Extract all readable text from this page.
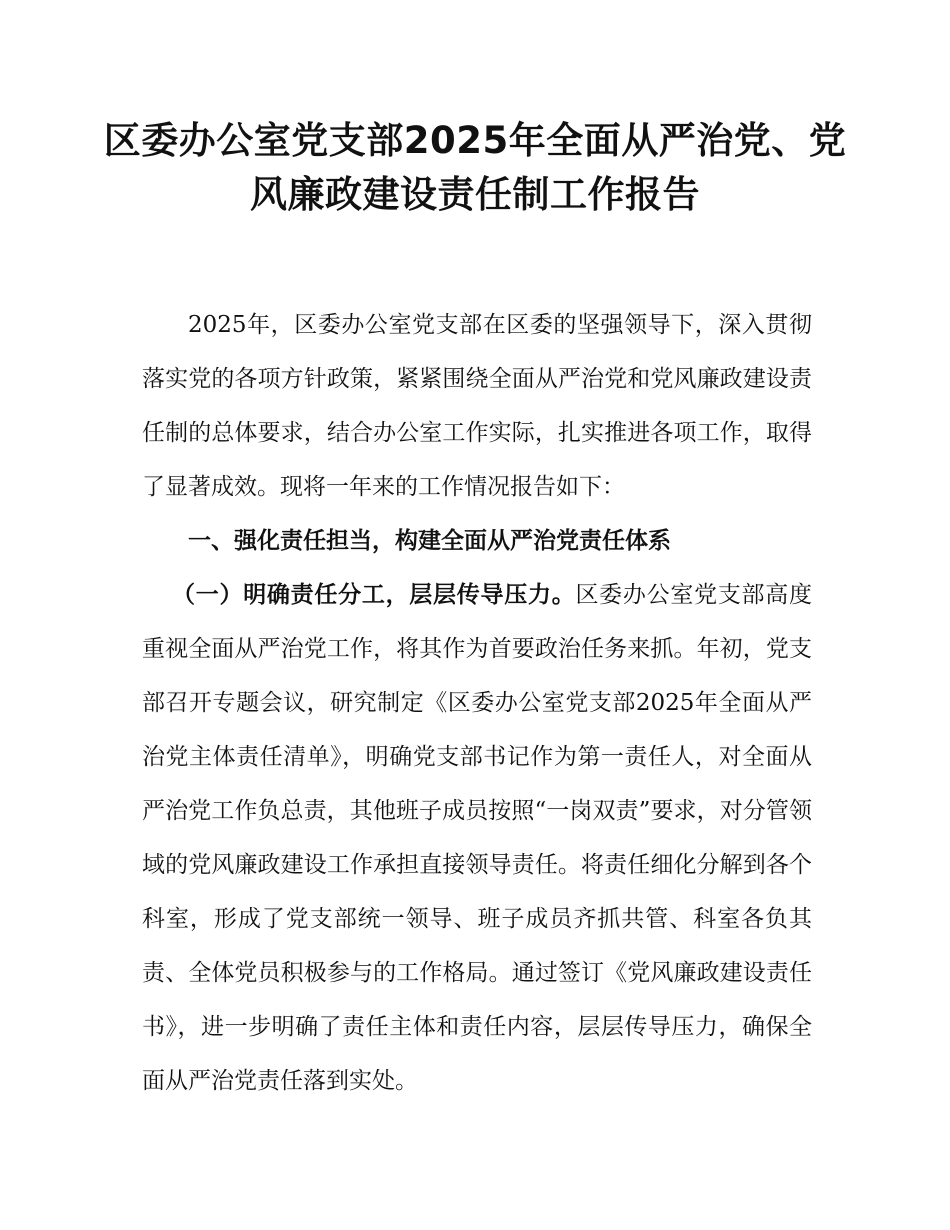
区委办公室党支部2025年全面从严治党、党
风廉政建设责任制工作报告

2025年，区委办公室党支部在区委的坚强领导下，深入贯彻落实党的各项方针政策，紧紧围绕全面从严治党和党风廉政建设责任制的总体要求，结合办公室工作实际，扎实推进各项工作，取得了显著成效。现将一年来的工作情况报告如下：

一、强化责任担当，构建全面从严治党责任体系

（一）明确责任分工，层层传导压力。区委办公室党支部高度重视全面从严治党工作，将其作为首要政治任务来抓。年初，党支部召开专题会议，研究制定《区委办公室党支部2025年全面从严治党主体责任清单》，明确党支部书记作为第一责任人，对全面从严治党工作负总责，其他班子成员按照“一岗双责”要求，对分管领域的党风廉政建设工作承担直接领导责任。将责任细化分解到各个科室，形成了党支部统一领导、班子成员齐抓共管、科室各负其责、全体党员积极参与的工作格局。通过签订《党风廉政建设责任书》，进一步明确了责任主体和责任内容，层层传导压力，确保全面从严治党责任落到实处。
